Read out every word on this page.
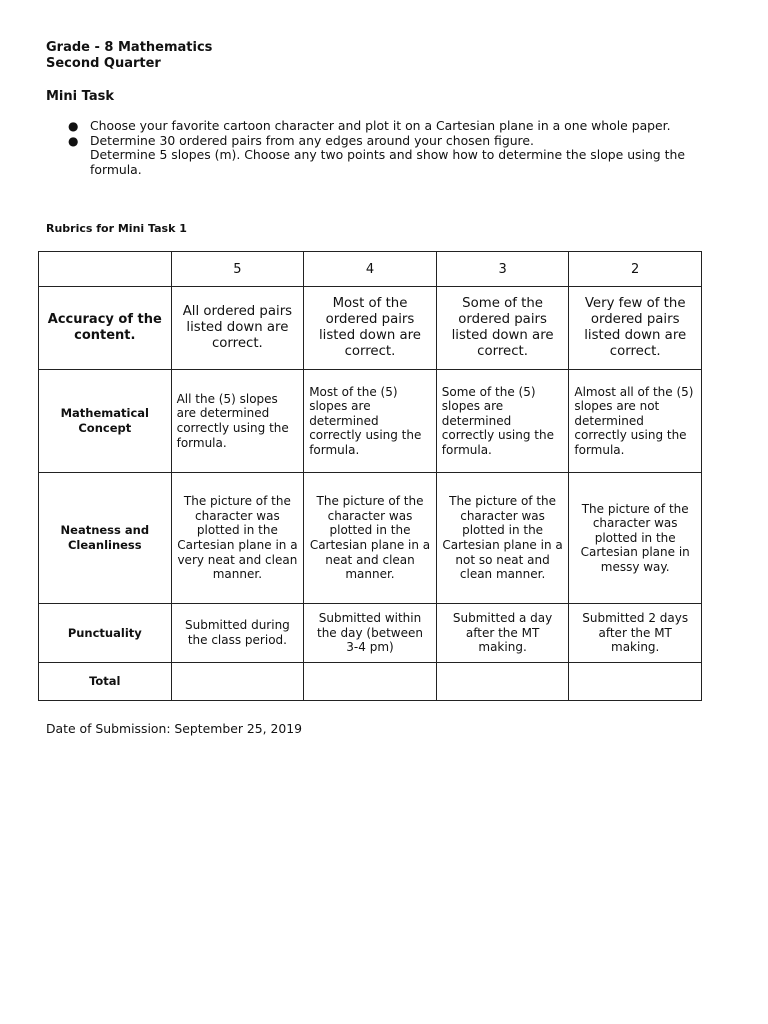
Grade - 8 Mathematics
Second Quarter
Mini Task
● Choose your favorite cartoon character and plot it on a Cartesian plane in a one whole paper.
● Determine 30 ordered pairs from any edges around your chosen figure.
Determine 5 slopes (m). Choose any two points and show how to determine the slope using the formula.
Rubrics for Mini Task 1
	5	4	3	2
Accuracy of the content.	All ordered pairs listed down are correct.	Most of the ordered pairs listed down are correct.	Some of the ordered pairs listed down are correct.	Very few of the ordered pairs listed down are correct.
Mathematical Concept	All the (5) slopes are determined correctly using the formula.	Most of the (5) slopes are determined correctly using the formula.	Some of the (5) slopes are determined correctly using the formula.	Almost all of the (5) slopes are not determined correctly using the formula.
Neatness and Cleanliness	The picture of the character was plotted in the Cartesian plane in a very neat and clean manner.	The picture of the character was plotted in the Cartesian plane in a neat and clean manner.	The picture of the character was plotted in the Cartesian plane in a not so neat and clean manner.	The picture of the character was plotted in the Cartesian plane in messy way.
Punctuality	Submitted during the class period.	Submitted within the day (between 3-4 pm)	Submitted a day after the MT making.	Submitted 2 days after the MT making.
Total				
Date of Submission: September 25, 2019
